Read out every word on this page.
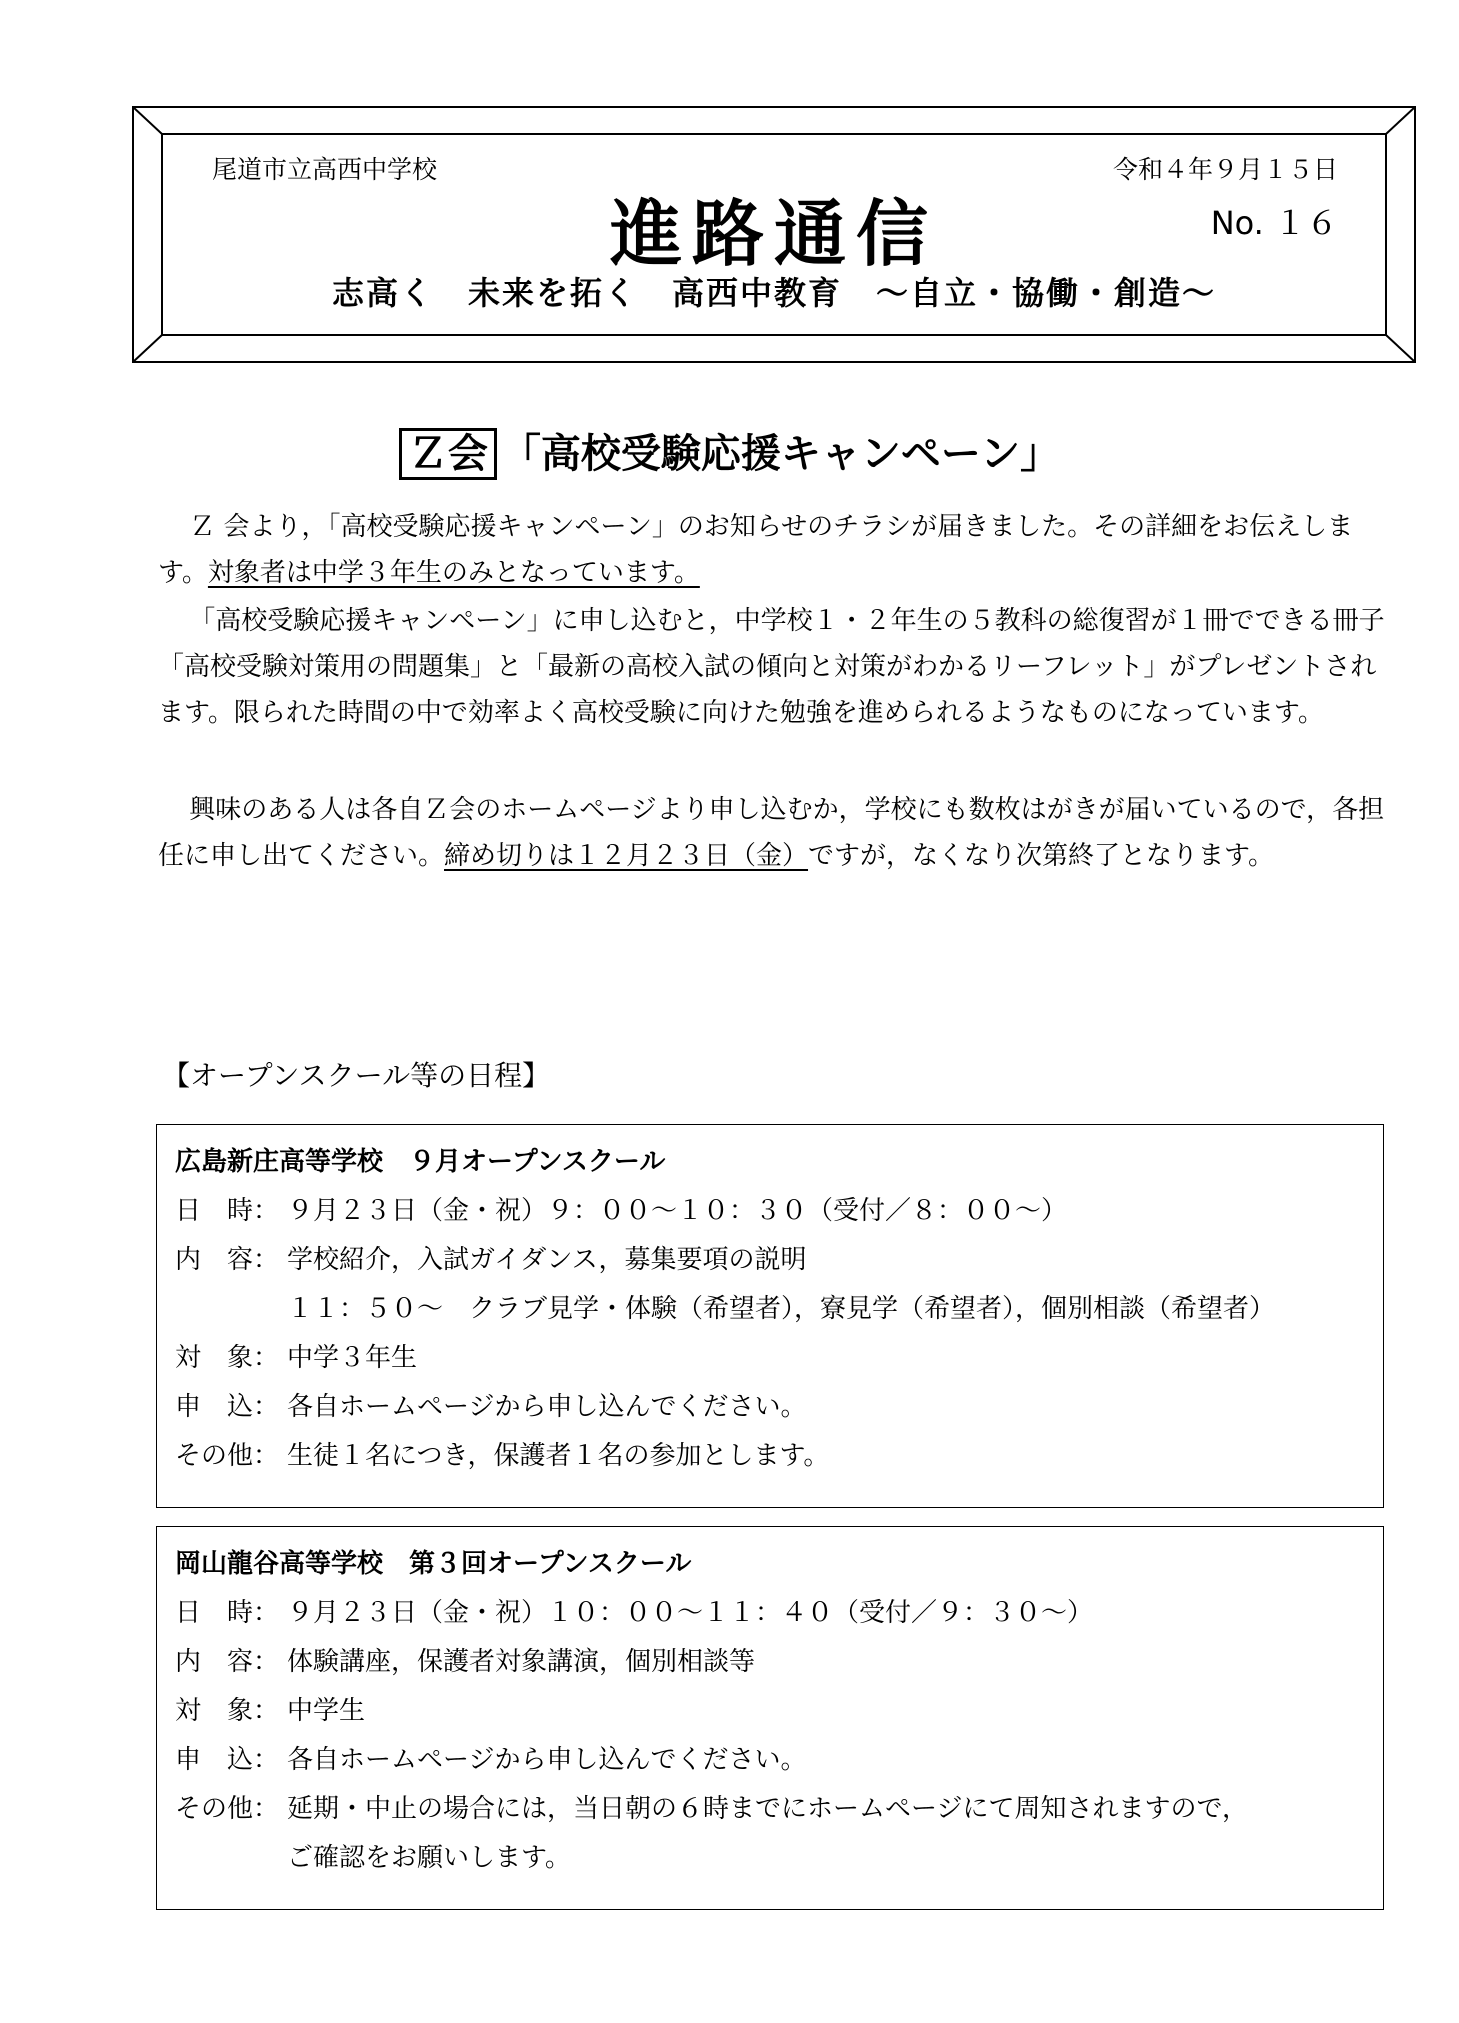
尾道市立高西中学校	令和４年９月１５日
進路通信	No. １６
志高く　未来を拓く　高西中教育　～自立・協働・創造～
Ｚ会 「高校受験応援キャンペーン」

Ｚ 会より，「高校受験応援キャンペーン」のお知らせのチラシが届きました。その詳細をお伝えします。対象者は中学３年生のみとなっています。

「高校受験応援キャンペーン」に申し込むと，中学校１・２年生の５教科の総復習が１冊でできる冊子「高校受験対策用の問題集」と「最新の高校入試の傾向と対策がわかるリーフレット」がプレゼントされます。限られた時間の中で効率よく高校受験に向けた勉強を進められるようなものになっています。

興味のある人は各自Ｚ会のホームページより申し込むか，学校にも数枚はがきが届いているので，各担任に申し出てください。締め切りは１２月２３日（金）ですが，なくなり次第終了となります。

【オープンスクール等の日程】
広島新庄高等学校　９月オープンスクール
日　時： ９月２３日（金・祝）９：００～１０：３０（受付／８：００～）
内　容： 学校紹介，入試ガイダンス，募集要項の説明
１１：５０～　クラブ見学・体験（希望者），寮見学（希望者），個別相談（希望者）
対　象： 中学３年生
申　込： 各自ホームページから申し込んでください。
その他： 生徒１名につき，保護者１名の参加とします。
岡山龍谷高等学校　第３回オープンスクール
日　時： ９月２３日（金・祝）１０：００～１１：４０（受付／９：３０～）
内　容： 体験講座，保護者対象講演，個別相談等
対　象： 中学生
申　込： 各自ホームページから申し込んでください。
その他： 延期・中止の場合には，当日朝の６時までにホームページにて周知されますので，
ご確認をお願いします。
